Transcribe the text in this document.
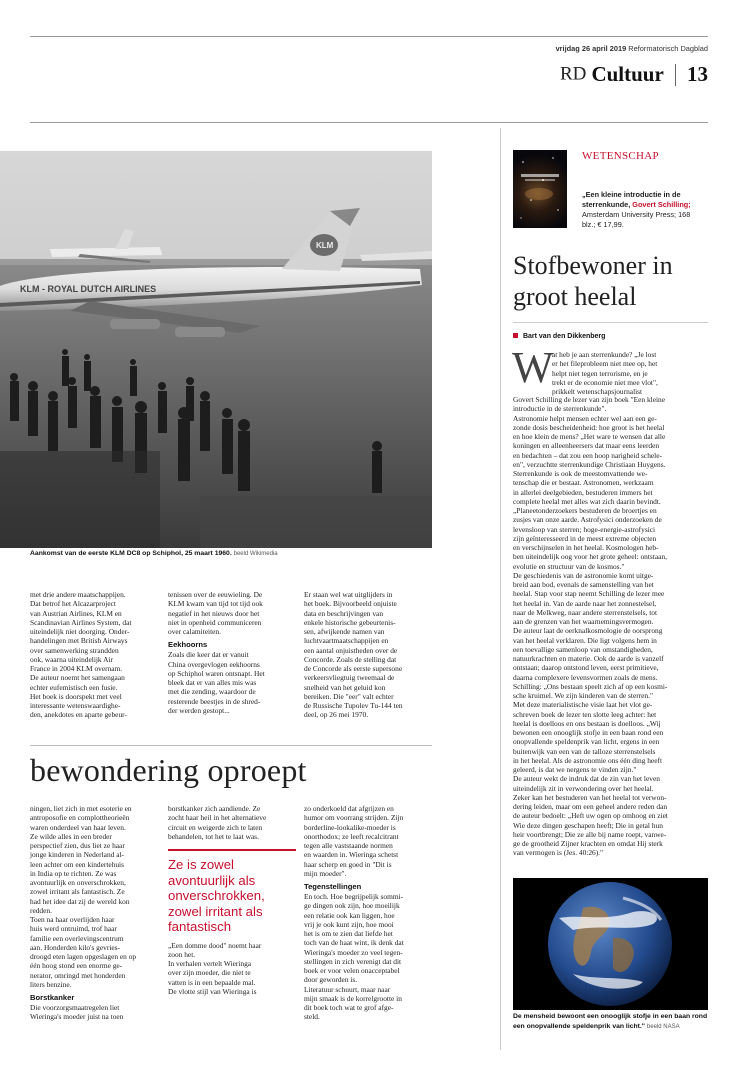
vrijdag 26 april 2019 Reformatorisch Dagblad
RD Cultuur 13
KLM - ROYAL DUTCH AIRLINES
KLM
Aankomst van de eerste KLM DC8 op Schiphol, 25 maart 1960. beeld Wikimedia
met drie andere maatschappijen.
Dat betrof het Alcazarproject
van Austrian Airlines, KLM en
Scandinavian Airlines System, dat
uiteindelijk niet doorging. Onder-
handelingen met British Airways
over samenwerking strandden
ook, waarna uiteindelijk Air
France in 2004 KLM overnam.
De auteur noemt het samengaan
echter eufemistisch een fusie.
Het boek is doorspekt met veel
interessante wetenswaardighe-
den, anekdotes en aparte gebeur-

tenissen over de eeuwieling. De
KLM kwam van tijd tot tijd ook
negatief in het nieuws door het
niet in openheid communiceren
over calamiteiten.

Eekhoorns

Zoals die keer dat er vanuit
China overgevlogen eekhoorns
op Schiphol waren ontsnapt. Het
bleek dat er van alles mis was
met die zending, waardoor de
resterende beestjes in de shred-
der werden gestopt...

Er staan wel wat uitglijders in
het boek. Bijvoorbeeld onjuiste
data en beschrijvingen van
enkele historische gebeurtenis-
sen, afwijkende namen van
luchtvaartmaatschappijen en
een aantal onjuistheden over de
Concorde. Zoals de stelling dat
de Concorde als eerste supersone
verkeersvliegtuig tweemaal de
snelheid van het geluid kon
bereiken. Die "eer" valt echter
de Russische Tupolev Tu-144 ten
deel, op 26 mei 1970.
bewondering oproept

ningen, liet zich in met esoterie en
antroposofie en complottheorieën
waren onderdeel van haar leven.
Ze wilde alles in een breder
perspectief zien, dus liet ze haar
jonge kinderen in Nederland al-
leen achter om een kindertehuis
in India op te richten. Ze was
avontuurlijk en onverschrokken,
zowel irritant als fantastisch. Ze
had het idee dat zij de wereld kon
redden.
Toen na haar overlijden haar
huis werd ontruimd, trof haar
familie een overlevingscentrum
aan. Honderden kilo's gevries-
droogd eten lagen opgeslagen en op
één hoog stond een enorme ge-
nerator, omringd met honderden
liters benzine.

Borstkanker

Die voorzorgsmaatregelen liet
Wieringa's moeder juist na toen

borstkanker zich aandiende. Ze
zocht haar heil in het alternatieve
circuit en weigerde zich te laten
behandelen, tot het te laat was.

Ze is zowel
avontuurlijk als
onverschrokken,
zowel irritant als
fantastisch

„Een domme dood" noemt haar
zoon het.
In verhalen vertelt Wieringa
over zijn moeder, die niet te
vatten is in een bepaalde mal.
De vlotte stijl van Wieringa is

zo onderkoeld dat afgrijzen en
humor om voorrang strijden. Zijn
borderline-lookalike-moeder is
onorthodox; ze leeft recalcitrant
tegen alle vaststaande normen
en waarden in. Wieringa schetst
haar scherp en goed in "Dit is
mijn moeder".

Tegenstellingen

En toch. Hoe begrijpelijk sommi-
ge dingen ook zijn, hoe moeilijk
een relatie ook kan liggen, hoe
vrij je ook kunt zijn, hoe mooi
het is om te zien dat liefde het
toch van de haat wint, ik denk dat
Wieringa's moeder zo veel tegen-
stellingen in zich verenigt dat dit
boek er voor velen onacceptabel
door geworden is.
Literatuur schuurt, maar naar
mijn smaak is de korrelgrootte in
dit boek toch wat te grof afge-
steld.

WETENSCHAP
„Een kleine introductie in de sterrenkunde, Govert Schilling; Amsterdam University Press; 168 blz.; € 17,99.
Stofbewoner in groot heelal
Bart van den Dikkenberg
W
at heb je aan sterrenkunde? „Je lost
er het fileprobleem niet mee op, het
helpt niet tegen terrorisme, en je
trekt er de economie niet mee vlot",
prikkelt wetenschapsjournalist
Govert Schilling de lezer van zijn boek "Een kleine
introductie in de sterrenkunde".
Astronomie helpt mensen echter wel aan een ge-
zonde dosis bescheidenheid: hoe groot is het heelal
en hoe klein de mens? „Het ware te wensen dat alle
koningen en alleenheersers dat maar eens leerden
en bedachten – dat zou een hoop narigheid schele-
en", verzuchtte sterrenkundige Christiaan Huygens.
Sterrenkunde is ook de meestomvattende we-
tenschap die er bestaat. Astronomen, werkzaam
in allerlei deelgebieden, bestuderen immers het
complete heelal met alles wat zich daarin bevindt.
„Planeetonderzoekers bestuderen de broertjes en
zusjes van onze aarde. Astrofysici onderzoeken de
levensloop van sterren; hoge-energie-astrofysici
zijn geïnteresseerd in de meest extreme objecten
en verschijnselen in het heelal. Kosmologen heb-
ben uiteindelijk oog voor het grote geheel: ontstaan,
evolutie en structuur van de kosmos."
De geschiedenis van de astronomie komt uitge-
breid aan bod, evenals de samenstelling van het
heelal. Stap voor stap neemt Schilling de lezer mee
het heelal in. Van de aarde naar het zonnestelsel,
naar de Melkweg, naar andere sterrenstelsels, tot
aan de grenzen van het waarnemingsvermogen.
De auteur laat de oerknalkosmologie de oorsprong
van het heelal verklaren. Die ligt volgens hem in
een toevallige samenloop van omstandigheden,
natuurkrachten en materie. Ook de aarde is vanzelf
ontstaan; daarop ontstond leven, eerst primitieve,
daarna complexere levensvormen zoals de mens.
Schilling: „Ons bestaan speelt zich af op een kosmi-
sche kruimel. We zijn kinderen van de sterren."
Met deze materialistische visie laat het vlot ge-
schreven boek de lezer ten slotte leeg achter: het
heelal is doelloos en ons bestaan is doelloos. „Wij
bewonen een onooglijk stofje in een baan rond een
onopvallende speldenprik van licht, ergens in een
buitenwijk van een van de talloze sterrenstelsels
in het heelal. Als de astronomie ons één ding heeft
geleerd, is dat we nergens te vinden zijn."
De auteur wekt de indruk dat de zin van het leven
uiteindelijk zit in verwondering over het heelal.
Zeker kan het bestuderen van het heelal tot verwon-
dering leiden, maar om een geheel andere reden dan
de auteur bedoelt: „Heft uw ogen op omhoog en ziet
Wie deze dingen geschapen heeft; Die in getal hun
heir voortbrengt; Die ze alle bij name roept, vanwe-
ge de grootheid Zijner krachten en omdat Hij sterk
van vermogen is (Jes. 40:26)."
De mensheid bewoont een onooglijk stofje in een baan rond een onopvallende speldenprik van licht." beeld NASA
